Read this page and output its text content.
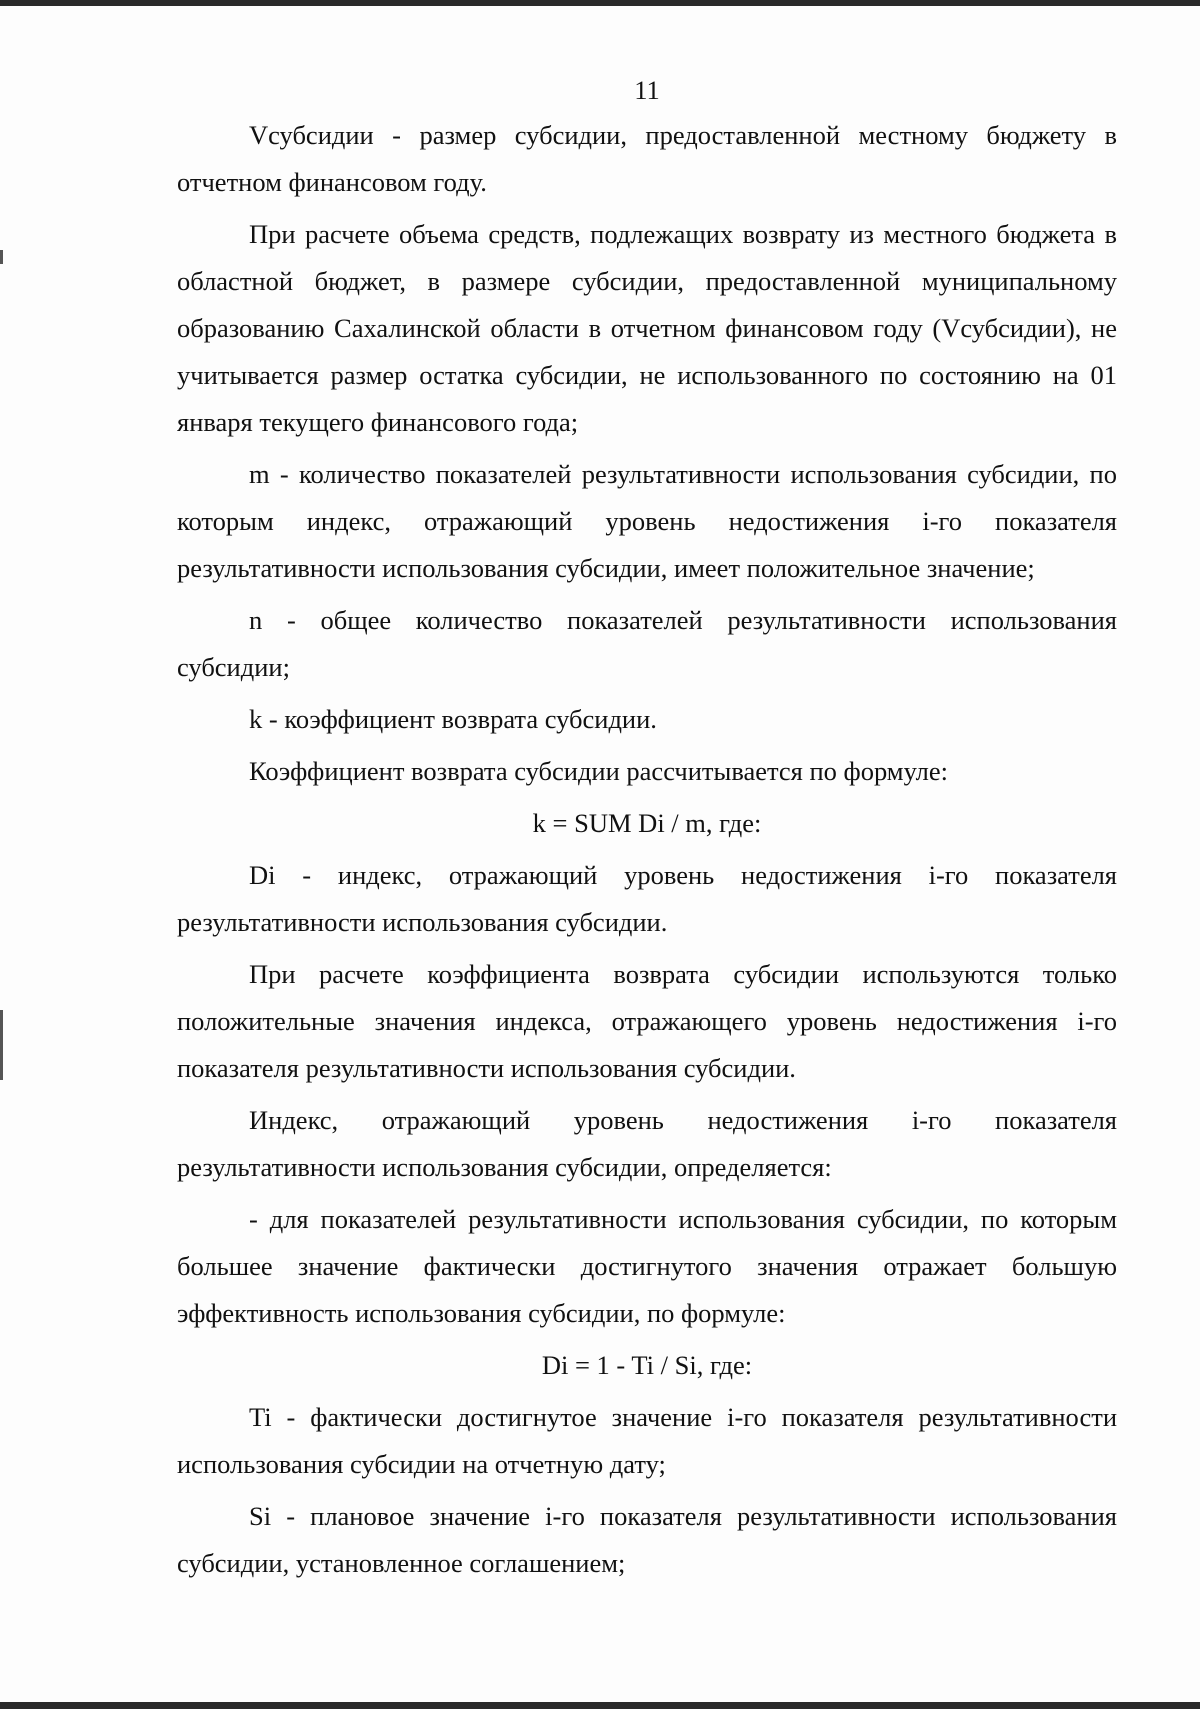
11

Vсубсидии - размер субсидии, предоставленной местному бюджету в отчетном финансовом году.

При расчете объема средств, подлежащих возврату из местного бюджета в областной бюджет, в размере субсидии, предоставленной муниципальному образованию Сахалинской области в отчетном финансовом году (Vсубсидии), не учитывается размер остатка субсидии, не использованного по состоянию на 01 января текущего финансового года;

m - количество показателей результативности использования субсидии, по которым индекс, отражающий уровень недостижения i-го показателя результативности использования субсидии, имеет положительное значение;

n - общее количество показателей результативности использования субсидии;

k - коэффициент возврата субсидии.

Коэффициент возврата субсидии рассчитывается по формуле:

k = SUM Di / m, где:

Di - индекс, отражающий уровень недостижения i-го показателя результативности использования субсидии.

При расчете коэффициента возврата субсидии используются только положительные значения индекса, отражающего уровень недостижения i-го показателя результативности использования субсидии.

Индекс, отражающий уровень недостижения i-го показателя результативности использования субсидии, определяется:

- для показателей результативности использования субсидии, по которым большее значение фактически достигнутого значения отражает большую эффективность использования субсидии, по формуле:

Di = 1 - Ti / Si, где:

Ti - фактически достигнутое значение i-го показателя результативности использования субсидии на отчетную дату;

Si - плановое значение i-го показателя результативности использования субсидии, установленное соглашением;
